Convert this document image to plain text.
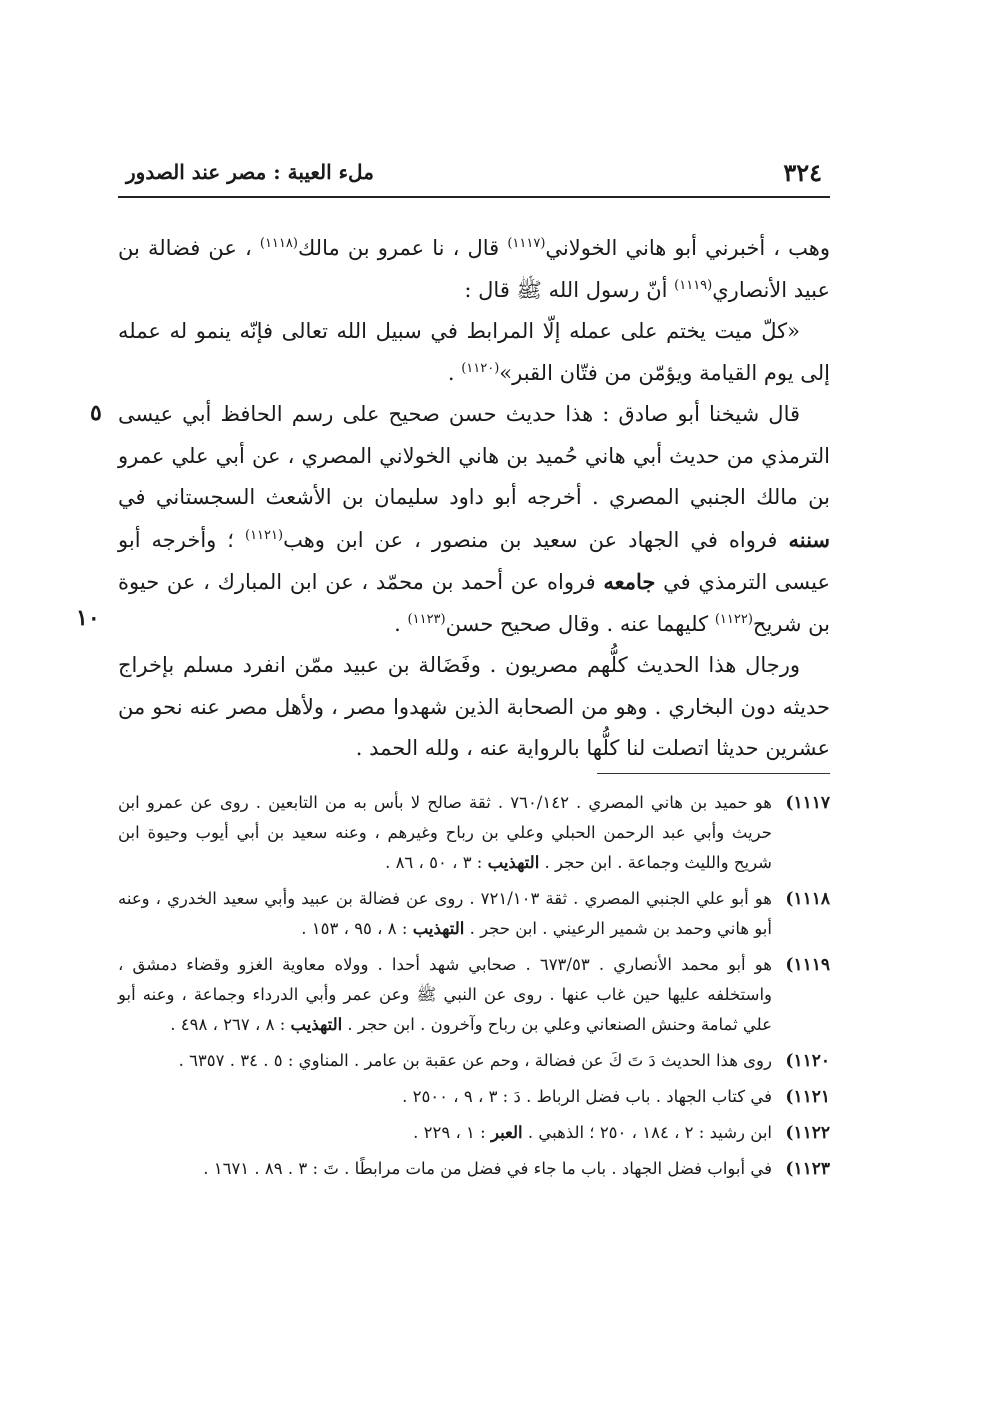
٣٢٤
ملء العيبة : مصر عند الصدور
٥
١٠

وهب ، أخبرني أبو هاني الخولاني$^{(١١١٧)}$ قال ، نا عمرو بن مالك$^{(١١١٨)}$ ، عن فضالة بن عبيد الأنصاري$^{(١١١٩)}$ أنّ رسول الله ﷺ قال :

«كلّ ميت يختم على عمله إلّا المرابط في سبيل الله تعالى فإنّه ينمو له عمله إلى يوم القيامة ويؤمّن من فتّان القبر»$^{(١١٢٠)}$ .

قال شيخنا أبو صادق : هذا حديث حسن صحيح على رسم الحافظ أبي عيسى الترمذي من حديث أبي هاني حُميد بن هاني الخولاني المصري ، عن أبي علي عمرو بن مالك الجنبي المصري . أخرجه أبو داود سليمان بن الأشعث السجستاني في سننه فرواه في الجهاد عن سعيد بن منصور ، عن ابن وهب$^{(١١٢١)}$ ؛ وأخرجه أبو عيسى الترمذي في جامعه فرواه عن أحمد بن محمّد ، عن ابن المبارك ، عن حيوة بن شريح$^{(١١٢٢)}$ كليهما عنه . وقال صحيح حسن$^{(١١٢٣)}$ .

ورجال هذا الحديث كلُّهم مصريون . وفَضَالة بن عبيد ممّن انفرد مسلم بإخراج حديثه دون البخاري . وهو من الصحابة الذين شهدوا مصر ، ولأهل مصر عنه نحو من عشرين حديثا اتصلت لنا كلُّها بالرواية عنه ، ولله الحمد .

١١١٧)
هو حميد بن هاني المصري . ٧٦٠/١٤٢ . ثقة صالح لا بأس به من التابعين . روى عن عمرو ابن حريث وأبي عبد الرحمن الحبلي وعلي بن رباح وغيرهم ، وعنه سعيد بن أبي أيوب وحيوة ابن شريح والليث وجماعة . ابن حجر . التهذيب : ٣ ، ٥٠ ، ٨٦ .
١١١٨)
هو أبو علي الجنبي المصري . ثقة ٧٢١/١٠٣ . روى عن فضالة بن عبيد وأبي سعيد الخدري ، وعنه أبو هاني وحمد بن شمير الرعيني . ابن حجر . التهذيب : ٨ ، ٩٥ ، ١٥٣ .
١١١٩)
هو أبو محمد الأنصاري . ٦٧٣/٥٣ . صحابي شهد أحدا . وولاه معاوية الغزو وقضاء دمشق ، واستخلفه عليها حين غاب عنها . روى عن النبي ﷺ وعن عمر وأبي الدرداء وجماعة ، وعنه أبو علي ثمامة وحنش الصنعاني وعلي بن رباح وآخرون . ابن حجر . التهذيب : ٨ ، ٢٦٧ ، ٤٩٨ .
١١٢٠)
روى هذا الحديث دَ تَ كَ عن فضالة ، وحم عن عقبة بن عامر . المناوي : ٥ . ٣٤ . ٦٣٥٧ .
١١٢١)
في كتاب الجهاد . باب فضل الرباط . دَ : ٣ ، ٩ ، ٢٥٠٠ .
١١٢٢)
ابن رشيد : ٢ ، ١٨٤ ، ٢٥٠ ؛ الذهبي . العبر : ١ ، ٢٢٩ .
١١٢٣)
في أبواب فضل الجهاد . باب ما جاء في فضل من مات مرابطًا . تَ : ٣ . ٨٩ . ١٦٧١ .
